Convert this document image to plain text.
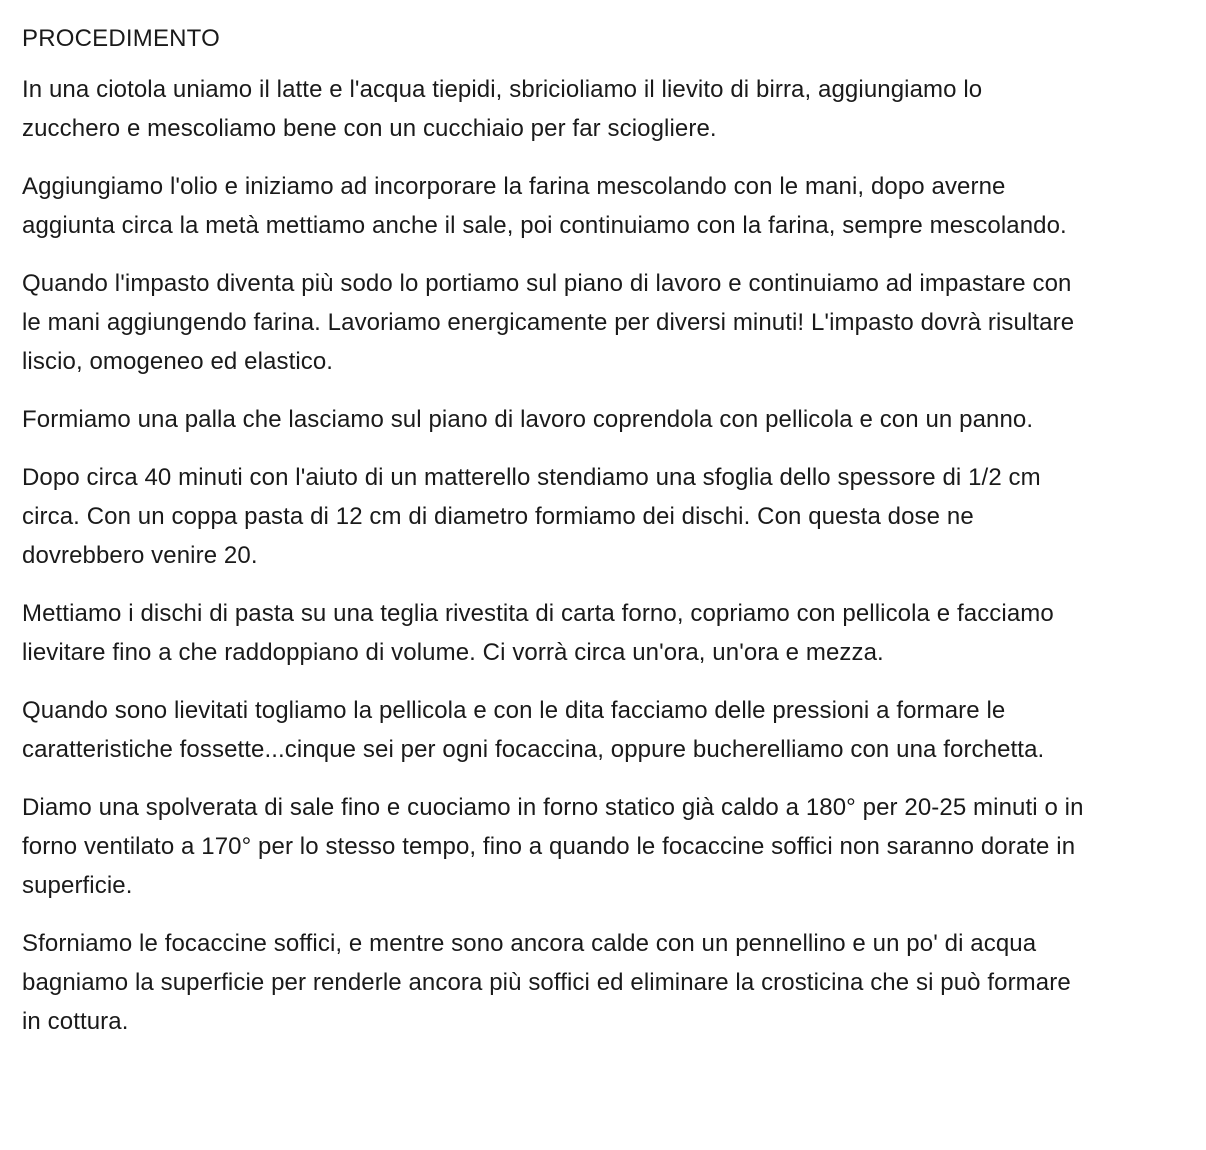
PROCEDIMENTO
In una ciotola uniamo il latte e l'acqua tiepidi, sbricioliamo il lievito di birra, aggiungiamo lo
zucchero e mescoliamo bene con un cucchiaio per far sciogliere.
Aggiungiamo l'olio e iniziamo ad incorporare la farina mescolando con le mani, dopo averne
aggiunta circa la metà mettiamo anche il sale, poi continuiamo con la farina, sempre mescolando.
Quando l'impasto diventa più sodo lo portiamo sul piano di lavoro e continuiamo ad impastare con
le mani aggiungendo farina. Lavoriamo energicamente per diversi minuti! L'impasto dovrà risultare
liscio, omogeneo ed elastico.
Formiamo una palla che lasciamo sul piano di lavoro coprendola con pellicola e con un panno.
Dopo circa 40 minuti con l'aiuto di un matterello stendiamo una sfoglia dello spessore di 1/2 cm
circa. Con un coppa pasta di 12 cm di diametro formiamo dei dischi. Con questa dose ne
dovrebbero venire 20.
Mettiamo i dischi di pasta su una teglia rivestita di carta forno, copriamo con pellicola e facciamo
lievitare fino a che raddoppiano di volume. Ci vorrà circa un'ora, un'ora e mezza.
Quando sono lievitati togliamo la pellicola e con le dita facciamo delle pressioni a formare le
caratteristiche fossette...cinque sei per ogni focaccina, oppure bucherelliamo con una forchetta.
Diamo una spolverata di sale fino e cuociamo in forno statico già caldo a 180° per 20-25 minuti o in
forno ventilato a 170° per lo stesso tempo, fino a quando le focaccine soffici non saranno dorate in
superficie.
Sforniamo le focaccine soffici, e mentre sono ancora calde con un pennellino e un po' di acqua
bagniamo la superficie per renderle ancora più soffici ed eliminare la crosticina che si può formare
in cottura.
